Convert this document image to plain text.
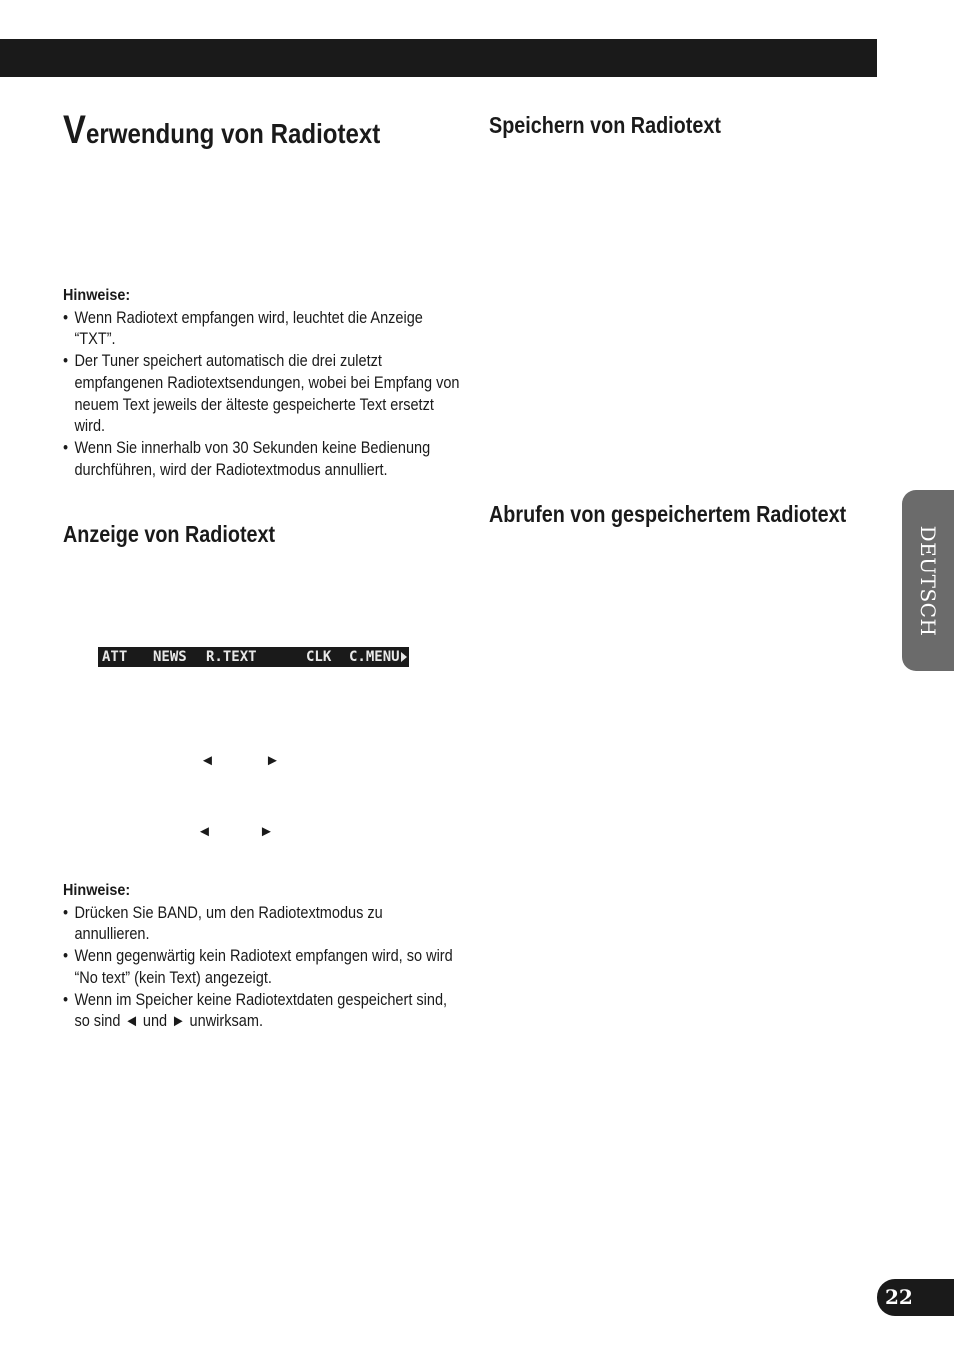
Verwendung von Radiotext	Speichern von Radiotext
Hinweise:
• Wenn Radiotext empfangen wird, leuchtet die Anzeige “TXT”.
• Der Tuner speichert automatisch die drei zuletzt empfangenen Radiotextsendungen, wobei bei Empfang von neuem Text jeweils der älteste gespeicherte Text ersetzt wird.
• Wenn Sie innerhalb von 30 Sekunden keine Bedienung durchführen, wird der Radiotextmodus annulliert.
Anzeige von Radiotext
Abrufen von gespeichertem Radiotext
ATT NEWS R.TEXT	CLK C.MENU
◄	►
◄	►
Hinweise:
• Drücken Sie BAND, um den Radiotextmodus zu annullieren.
• Wenn gegenwärtig kein Radiotext empfangen wird, so wird “No text” (kein Text) angezeigt.
• Wenn im Speicher keine Radiotextdaten gespeichert sind, so sind ◄ und ► unwirksam.
DEUTSCH
22
